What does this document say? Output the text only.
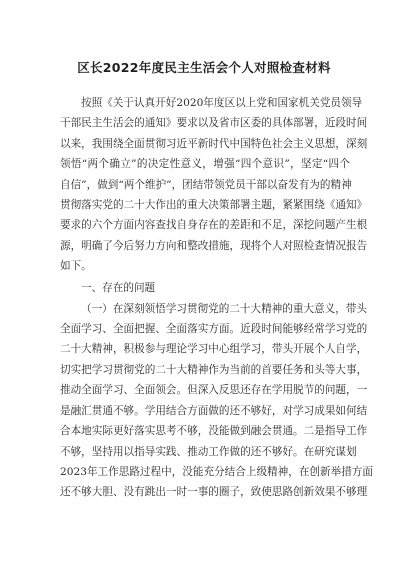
区长2022年度民主生活会个人对照检查材料

按照《关于认真开好2020年度区以上党和国家机关党员领导
干部民主生活会的通知》要求以及省市区委的具体部署，近段时间
以来，我围绕全面贯彻习近平新时代中国特色社会主义思想，深刻
领悟“两个确立”的决定性意义，增强“四个意识”，坚定“四个
自信”，做到“两个维护”，团结带领党员干部以奋发有为的精神
贯彻落实党的二十大作出的重大决策部署主题，紧紧围绕《通知》
要求的六个方面内容查找自身存在的差距和不足，深挖问题产生根
源，明确了今后努力方向和整改措施，现将个人对照检查情况报告
如下。

一、存在的问题

（一）在深刻领悟学习贯彻党的二十大精神的重大意义，带头
全面学习、全面把握、全面落实方面。近段时间能够经常学习党的
二十大精神，积极参与理论学习中心组学习，带头开展个人自学，
切实把学习贯彻党的二十大精神作为当前的首要任务和头等大事，
推动全面学习、全面领会。但深入反思还存在学用脱节的问题，一
是融汇贯通不够。学用结合方面做的还不够好，对学习成果如何结
合本地实际更好落实思考不够，没能做到融会贯通。二是指导工作
不够，坚持用以指导实践、推动工作做的还不够好。在研究谋划
2023年工作思路过程中，没能充分结合上级精神，在创新举措方面
还不够大胆、没有跳出一时一事的圈子，致使思路创新效果不够理
